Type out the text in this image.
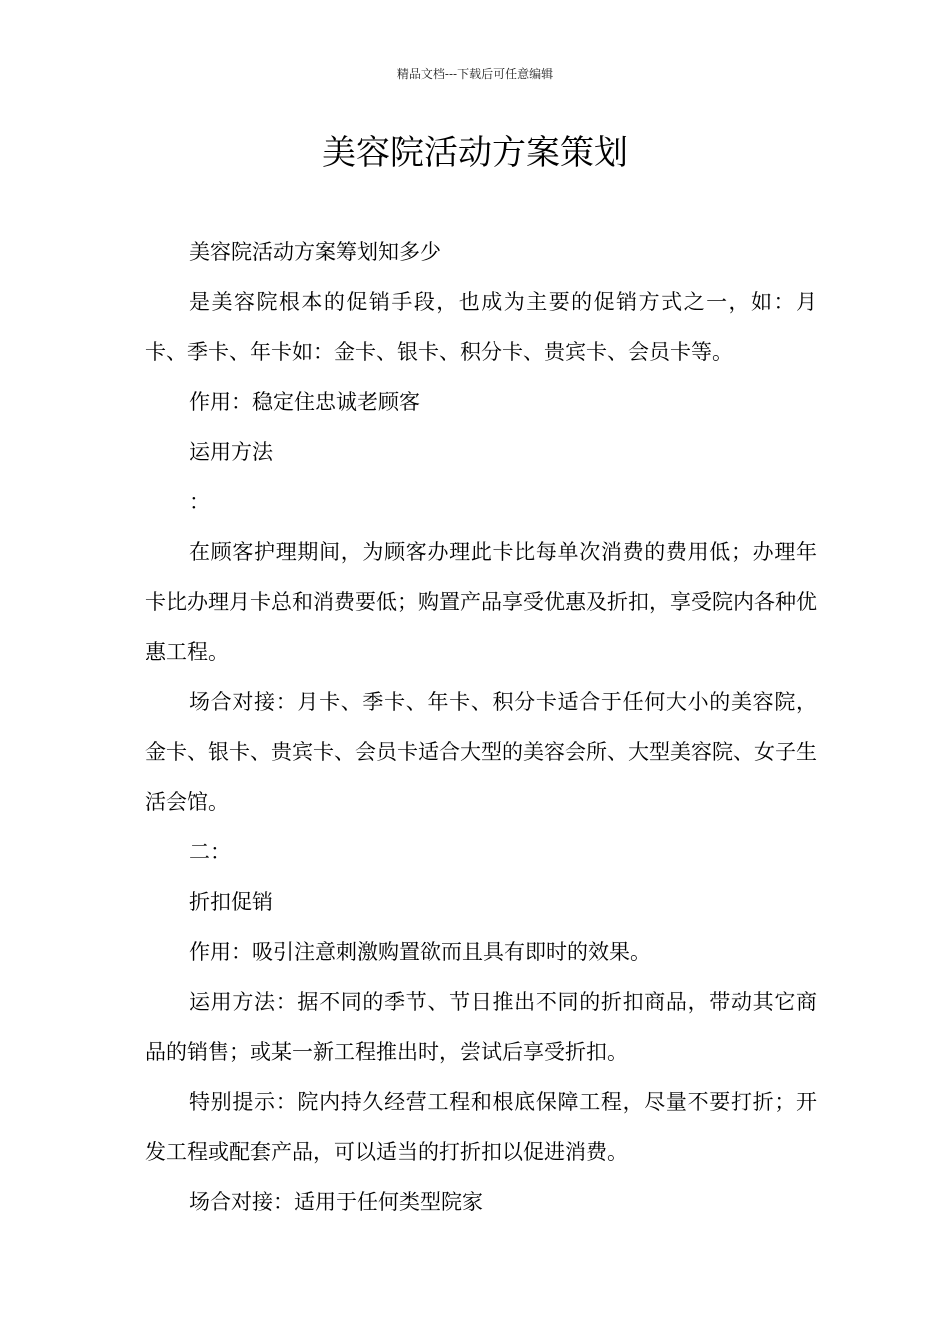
精品文档---下载后可任意编辑
美容院活动方案策划

美容院活动方案筹划知多少

是美容院根本的促销手段，也成为主要的促销方式之一，如：月卡、季卡、年卡如：金卡、银卡、积分卡、贵宾卡、会员卡等。

作用：稳定住忠诚老顾客

运用方法

：

在顾客护理期间，为顾客办理此卡比每单次消费的费用低；办理年卡比办理月卡总和消费要低；购置产品享受优惠及折扣，享受院内各种优惠工程。

场合对接：月卡、季卡、年卡、积分卡适合于任何大小的美容院，金卡、银卡、贵宾卡、会员卡适合大型的美容会所、大型美容院、女子生活会馆。

二：

折扣促销

作用：吸引注意刺激购置欲而且具有即时的效果。

运用方法：据不同的季节、节日推出不同的折扣商品，带动其它商品的销售；或某一新工程推出时，尝试后享受折扣。

特别提示：院内持久经营工程和根底保障工程，尽量不要打折；开发工程或配套产品，可以适当的打折扣以促进消费。

场合对接：适用于任何类型院家
